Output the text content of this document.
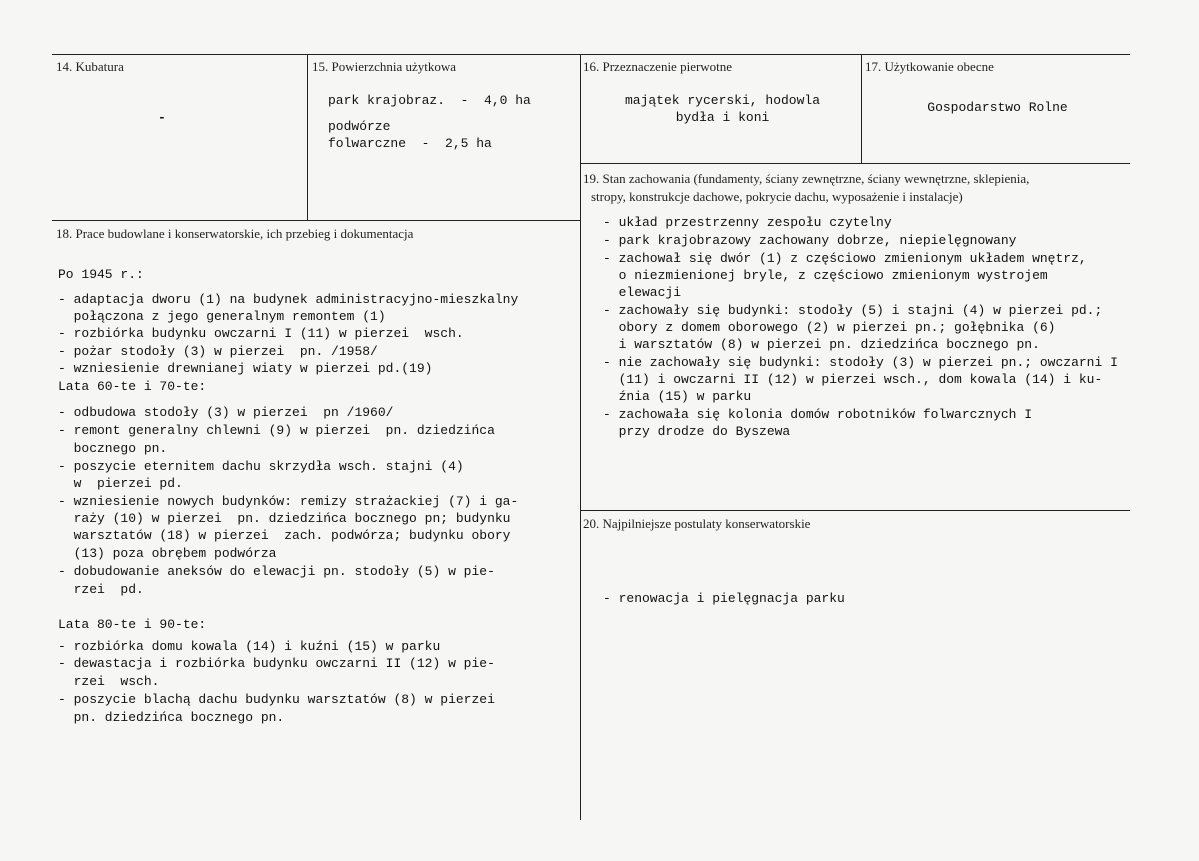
14. Kubatura
-
15. Powierzchnia użytkowa
park krajobraz.  -  4,0 ha
podwórze
folwarczne  -  2,5 ha
16. Przeznaczenie pierwotne
majątek rycerski, hodowla
bydła i koni
17. Użytkowanie obecne
Gospodarstwo Rolne
18. Prace budowlane i konserwatorskie, ich przebieg i dokumentacja
Po 1945 r.:
- adaptacja dworu (1) na budynek administracyjno-mieszkalny
połączona z jego generalnym remontem (1)
- rozbiórka budynku owczarni I (11) w pierzei  wsch.
- pożar stodoły (3) w pierzei  pn. /1958/
- wzniesienie drewnianej wiaty w pierzei pd.(19)
Lata 60-te i 70-te:
- odbudowa stodoły (3) w pierzei  pn /1960/
- remont generalny chlewni (9) w pierzei  pn. dziedzińca
bocznego pn.
- poszycie eternitem dachu skrzydła wsch. stajni (4)
w  pierzei pd.
- wzniesienie nowych budynków: remizy strażackiej (7) i ga-
raży (10) w pierzei  pn. dziedzińca bocznego pn; budynku
warsztatów (18) w pierzei  zach. podwórza; budynku obory
(13) poza obrębem podwórza
- dobudowanie aneksów do elewacji pn. stodoły (5) w pie-
rzei  pd.
Lata 80-te i 90-te:
- rozbiórka domu kowala (14) i kuźni (15) w parku
- dewastacja i rozbiórka budynku owczarni II (12) w pie-
rzei  wsch.
- poszycie blachą dachu budynku warsztatów (8) w pierzei
pn. dziedzińca bocznego pn.
19. Stan zachowania (fundamenty, ściany zewnętrzne, ściany wewnętrzne, sklepienia,
stropy, konstrukcje dachowe, pokrycie dachu, wyposażenie i instalacje)
- układ przestrzenny zespołu czytelny
- park krajobrazowy zachowany dobrze, niepielęgnowany
- zachował się dwór (1) z częściowo zmienionym układem wnętrz,
o niezmienionej bryle, z częściowo zmienionym wystrojem
elewacji
- zachowały się budynki: stodoły (5) i stajni (4) w pierzei pd.;
obory z domem oborowego (2) w pierzei pn.; gołębnika (6)
i warsztatów (8) w pierzei pn. dziedzińca bocznego pn.
- nie zachowały się budynki: stodoły (3) w pierzei pn.; owczarni I
(11) i owczarni II (12) w pierzei wsch., dom kowala (14) i ku-
źnia (15) w parku
- zachowała się kolonia domów robotników folwarcznych I
przy drodze do Byszewa
20. Najpilniejsze postulaty konserwatorskie
- renowacja i pielęgnacja parku
